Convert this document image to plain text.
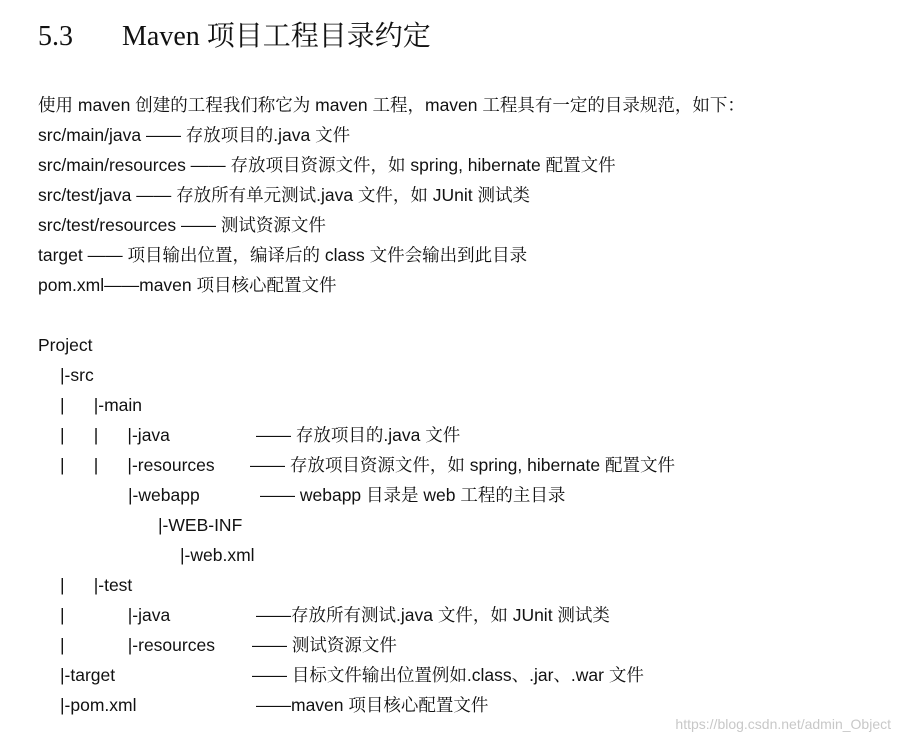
5.3 Maven 项目工程目录约定
使用 maven 创建的工程我们称它为 maven 工程，maven 工程具有一定的目录规范，如下：
src/main/java —— 存放项目的.java 文件
src/main/resources —— 存放项目资源文件，如 spring, hibernate 配置文件
src/test/java —— 存放所有单元测试.java 文件，如 JUnit 测试类
src/test/resources —— 测试资源文件
target —— 项目输出位置，编译后的 class 文件会输出到此目录
pom.xml——maven 项目核心配置文件
Project
|-src
|      |-main
|      |      |-java	—— 存放项目的.java 文件
|      |      |-resources —— 存放项目资源文件，如 spring, hibernate 配置文件
|-webapp	—— webapp 目录是 web 工程的主目录
|-WEB-INF
|-web.xml
|      |-test
|             |-java	——存放所有测试.java 文件，如 JUnit 测试类
|             |-resources —— 测试资源文件
|-target	—— 目标文件输出位置例如.class、.jar、.war 文件
|-pom.xml	——maven 项目核心配置文件
https://blog.csdn.net/admin_Object
